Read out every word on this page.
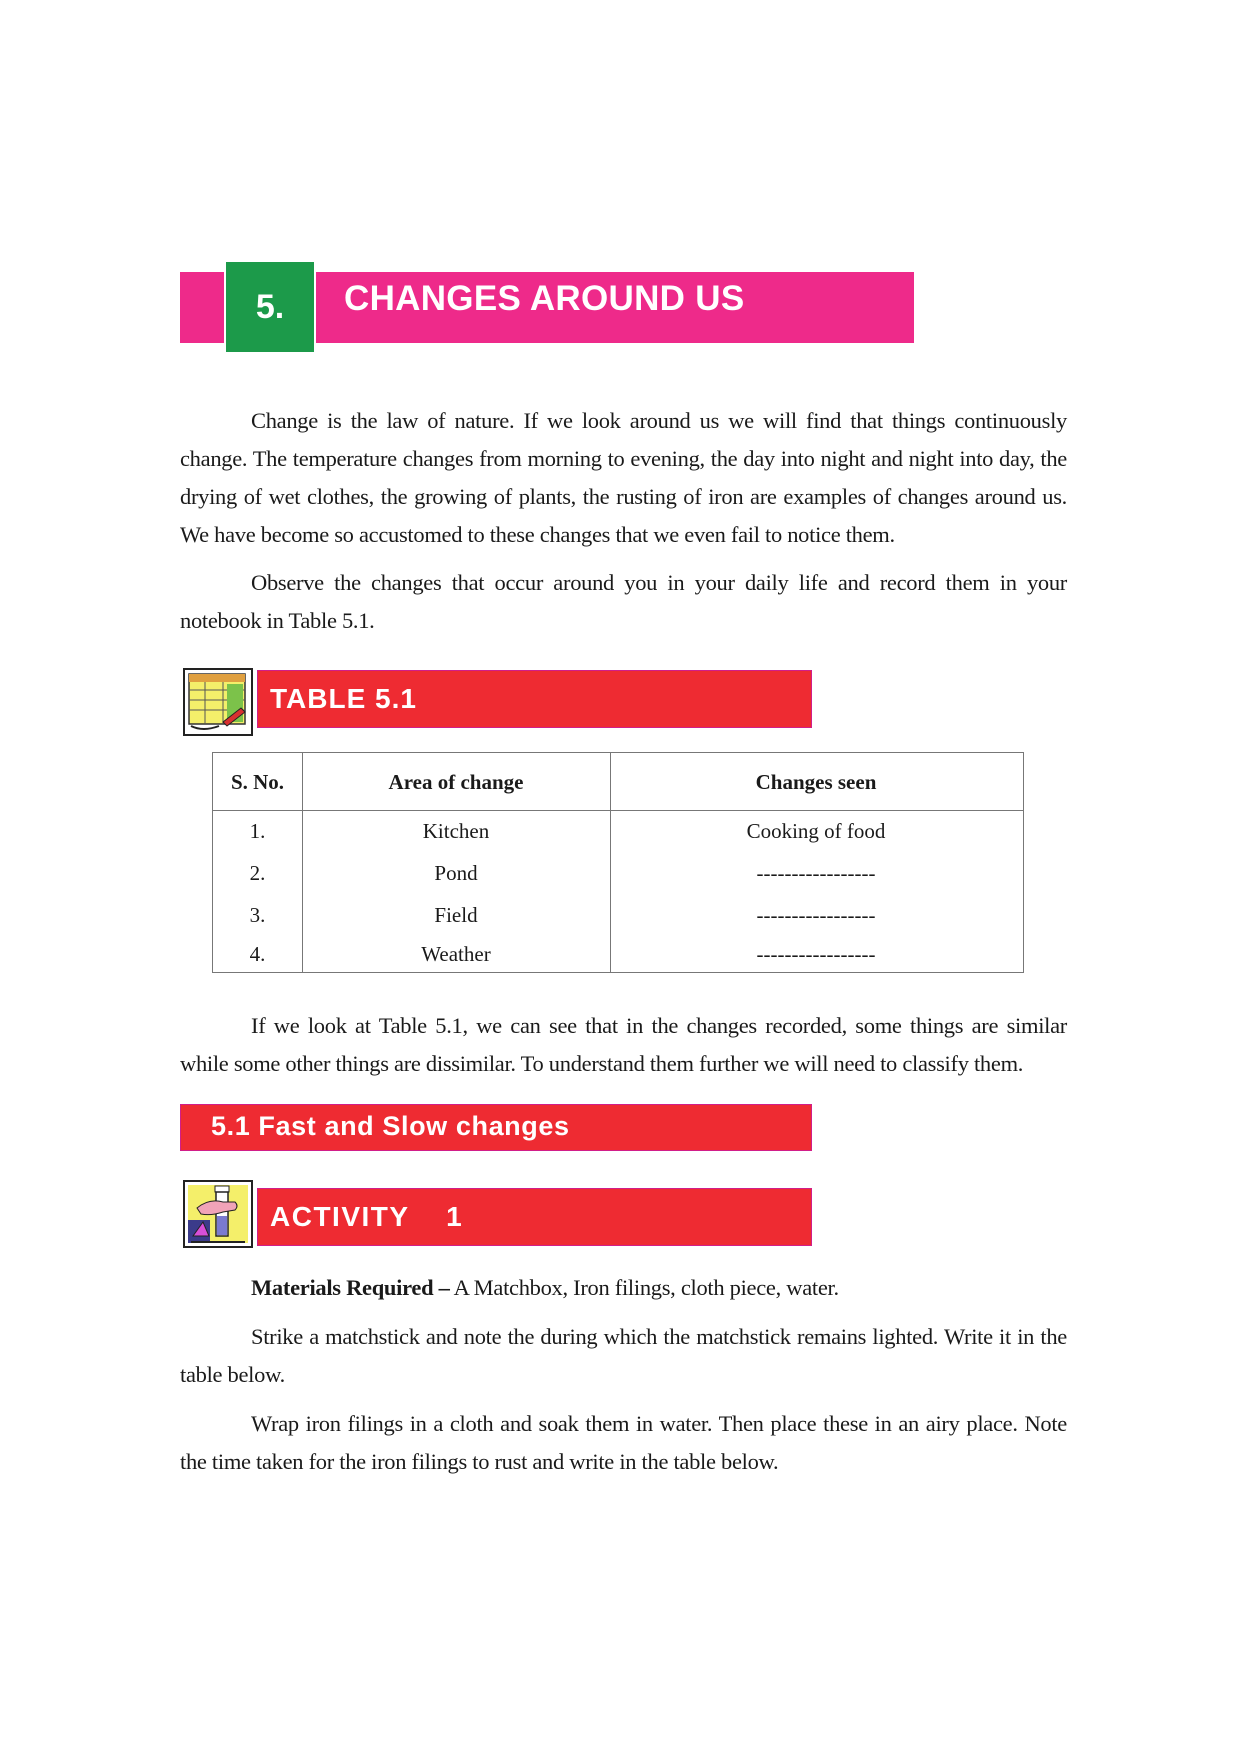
5.	CHANGES AROUND US
Change is the law of nature. If we look around us we will find that things continuously change. The temperature changes from morning to evening, the day into night and night into day, the drying of wet clothes, the growing of plants, the rusting of iron are examples of changes around us. We have become so accustomed to these changes that we even fail to notice them.
Observe the changes that occur around you in your daily life and record them in your notebook in Table 5.1.
TABLE 5.1
S. No.	Area of change	Changes seen
1.	Kitchen	Cooking of food
2.	Pond	-----------------
3.	Field	-----------------
4.	Weather	-----------------
If we look at Table 5.1, we can see that in the changes recorded, some things are similar while some other things are dissimilar. To understand them further we will need to classify them.
5.1 Fast and Slow changes
ACTIVITY    1
Materials Required – A Matchbox, Iron filings, cloth piece, water.
Strike a matchstick and note the during which the matchstick remains lighted. Write it in the table below.
Wrap iron filings in a cloth and soak them in water. Then place these in an airy place. Note the time taken for the iron filings to rust and write in the table below.
